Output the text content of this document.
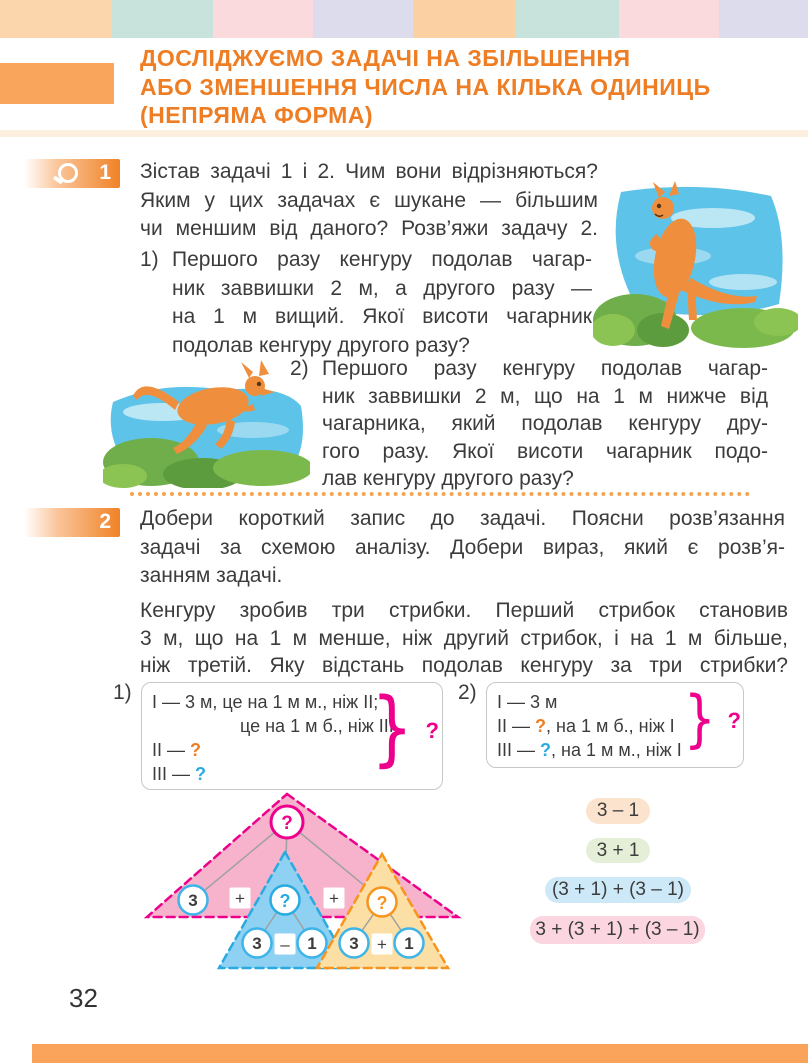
ДОСЛІДЖУЄМО ЗАДАЧІ НА ЗБІЛЬШЕННЯ
АБО ЗМЕНШЕННЯ ЧИСЛА НА КІЛЬКА ОДИНИЦЬ
(НЕПРЯМА ФОРМА)
1 Зістав задачі 1 і 2. Чим вони відрізняються?
Яким у цих задачах є шукане — більшим
чи меншим від даного? Розв’яжи задачу 2.
1) Першого разу кенгуру подолав чагар-
ник заввишки 2 м, а другого разу —
на 1 м вищий. Якої висоти чагарник
подолав кенгуру другого разу?
2) Першого разу кенгуру подолав чагар-
ник заввишки 2 м, що на 1 м нижче від
чагарника, який подолав кенгуру дру-
гого разу. Якої висоти чагарник подо-
лав кенгуру другого разу?
2 Добери короткий запис до задачі. Поясни розв’язання
задачі за схемою аналізу. Добери вираз, який є розв’я-
занням задачі.
Кенгуру зробив три стрибки. Перший стрибок становив
3 м, що на 1 м менше, ніж другий стрибок, і на 1 м більше,
ніж третій. Яку відстань подолав кенгуру за три стрибки?
1) І — 3 м, це на 1 м м., ніж ІІ;
це на 1 м б., ніж ІІІ
ІІ — ?
ІІІ — ?	} ?
2) І — 3 м
ІІ — ?, на 1 м б., ніж І
ІІІ — ?, на 1 м м., ніж І } ?
+	+
–	+
3	?	?
3	1 3	1
?
3 – 1
3 + 1
(3 + 1) + (3 – 1)
3 + (3 + 1) + (3 – 1)
32
